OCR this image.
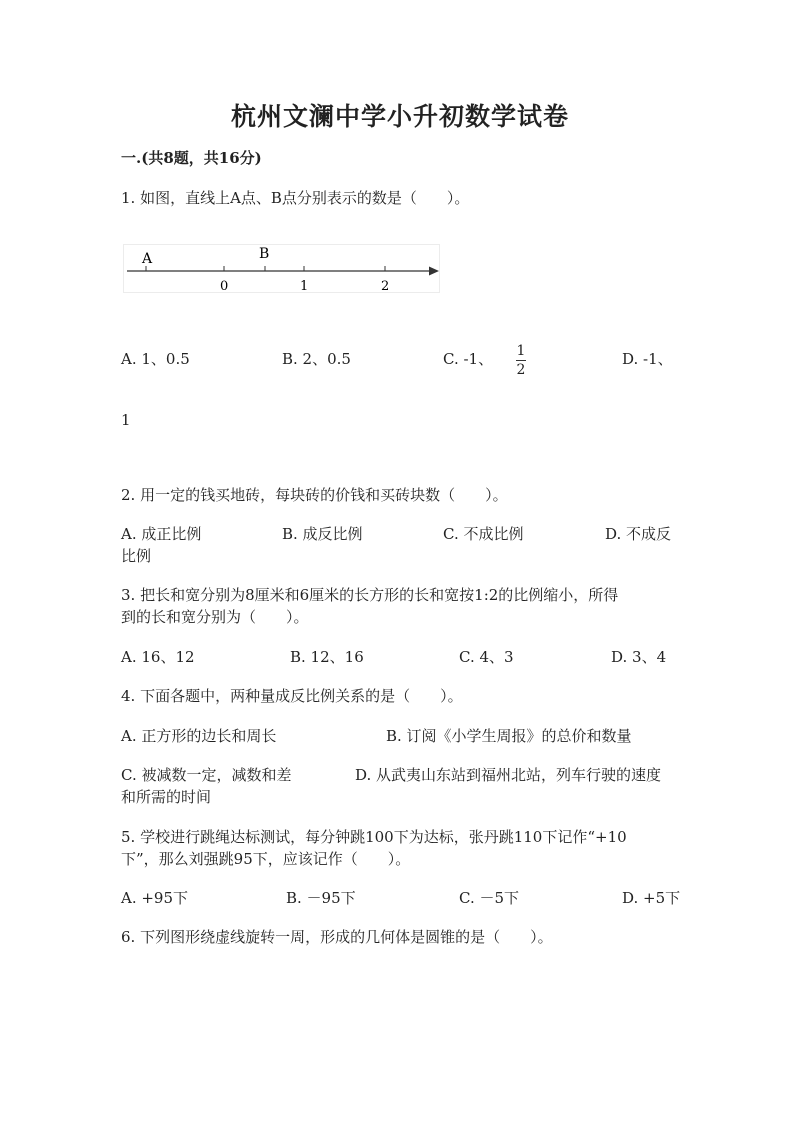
杭州文澜中学小升初数学试卷
一.(共8题，共16分)
1. 如图，直线上A点、B点分别表示的数是（　　）。
A	B
0	1	2
A. 1、0.5	B. 2、0.5	C. -1、 1
2
D. -1、
1
2. 用一定的钱买地砖，每块砖的价钱和买砖块数（　　）。
A. 成正比例	B. 成反比例	C. 不成比例	D. 不成反
比例
3. 把长和宽分别为8厘米和6厘米的长方形的长和宽按1:2的比例缩小，所得
到的长和宽分别为（　　）。
A. 16、12	B. 12、16	C. 4、3	D. 3、4
4. 下面各题中，两种量成反比例关系的是（　　）。
A. 正方形的边长和周长	B. 订阅《小学生周报》的总价和数量
C. 被减数一定，减数和差	D. 从武夷山东站到福州北站，列车行驶的速度
和所需的时间
5. 学校进行跳绳达标测试，每分钟跳100下为达标，张丹跳110下记作“+10
下”，那么刘强跳95下，应该记作（　　）。
A. +95下	B. －95下	C. －5下	D. +5下
6. 下列图形绕虚线旋转一周，形成的几何体是圆锥的是（　　）。
